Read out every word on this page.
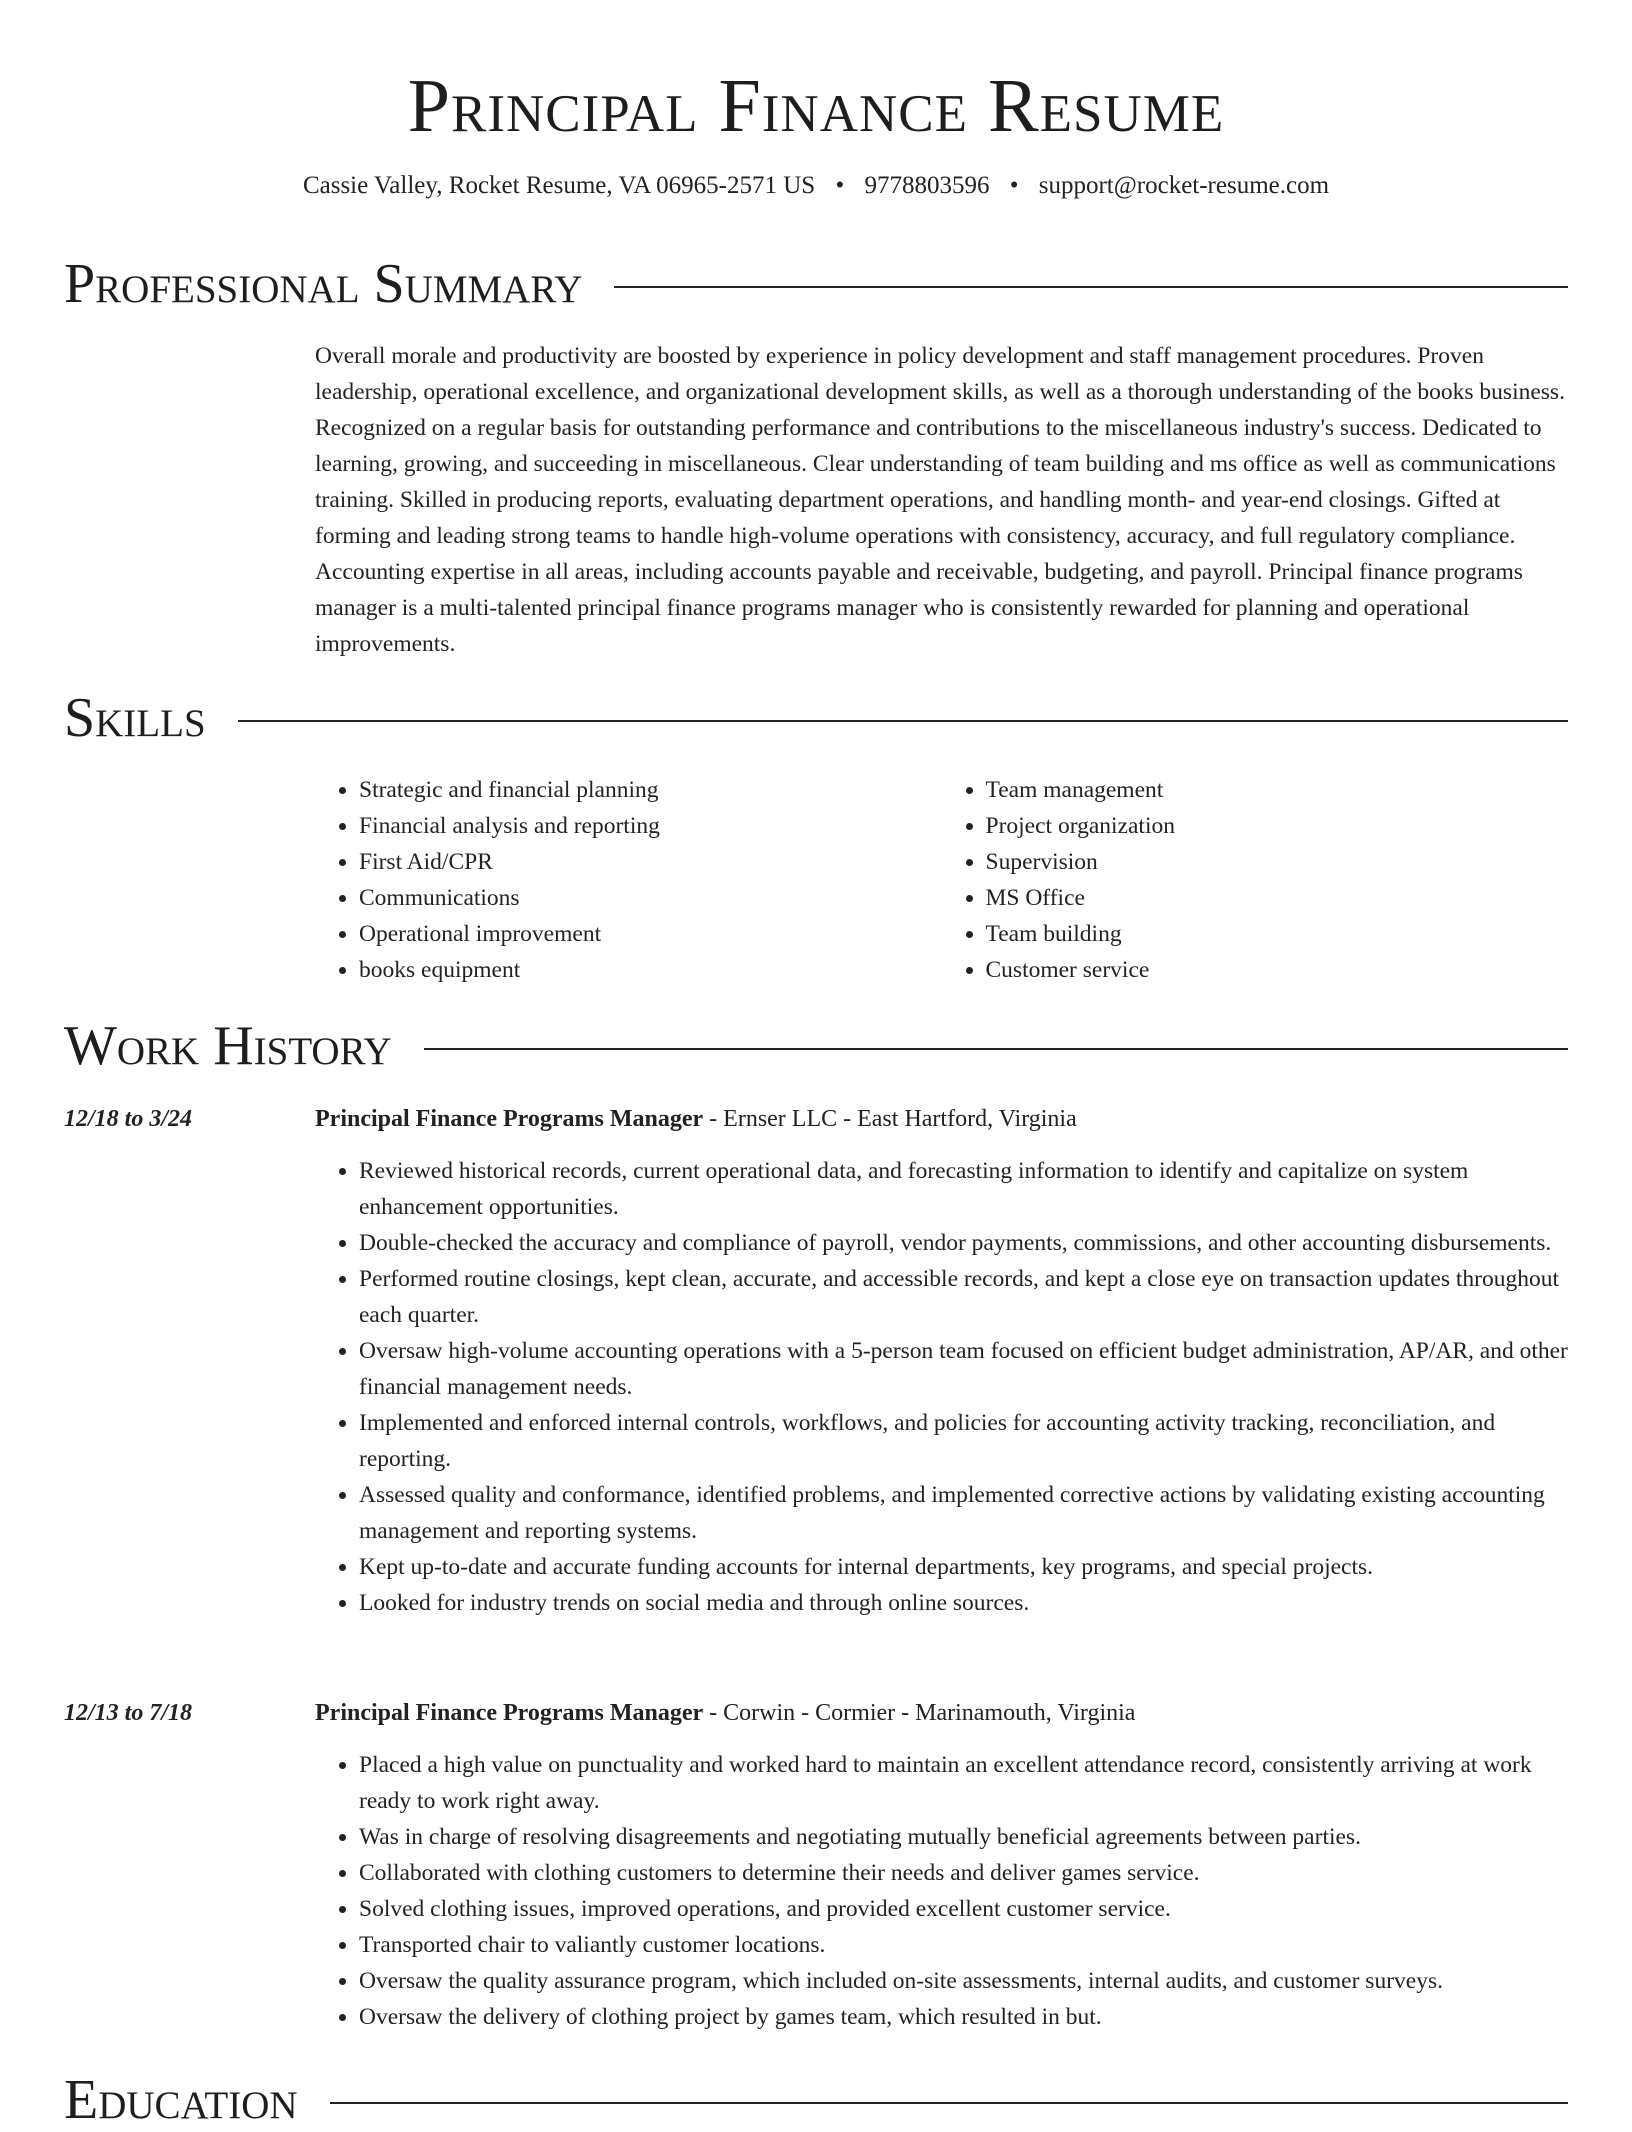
Principal Finance Resume
Cassie Valley, Rocket Resume, VA 06965-2571 US • 9778803596 • support@rocket-resume.com
Professional Summary

Overall morale and productivity are boosted by experience in policy development and staff management procedures. Proven leadership, operational excellence, and organizational development skills, as well as a thorough understanding of the books business. Recognized on a regular basis for outstanding performance and contributions to the miscellaneous industry's success. Dedicated to learning, growing, and succeeding in miscellaneous. Clear understanding of team building and ms office as well as communications training. Skilled in producing reports, evaluating department operations, and handling month- and year-end closings. Gifted at forming and leading strong teams to handle high-volume operations with consistency, accuracy, and full regulatory compliance. Accounting expertise in all areas, including accounts payable and receivable, budgeting, and payroll. Principal finance programs manager is a multi-talented principal finance programs manager who is consistently rewarded for planning and operational improvements.

Skills
• Strategic and financial planning
• Financial analysis and reporting
• First Aid/CPR
• Communications
• Operational improvement
• books equipment
• Team management
• Project organization
• Supervision
• MS Office
• Team building
• Customer service
Work History
12/18 to 3/24	Principal Finance Programs Manager - Ernser LLC - East Hartford, Virginia

• Reviewed historical records, current operational data, and forecasting information to identify and capitalize on system enhancement opportunities.
• Double-checked the accuracy and compliance of payroll, vendor payments, commissions, and other accounting disbursements.
• Performed routine closings, kept clean, accurate, and accessible records, and kept a close eye on transaction updates throughout each quarter.
• Oversaw high-volume accounting operations with a 5-person team focused on efficient budget administration, AP/AR, and other financial management needs.
• Implemented and enforced internal controls, workflows, and policies for accounting activity tracking, reconciliation, and reporting.
• Assessed quality and conformance, identified problems, and implemented corrective actions by validating existing accounting management and reporting systems.
• Kept up-to-date and accurate funding accounts for internal departments, key programs, and special projects.
• Looked for industry trends on social media and through online sources.
12/13 to 7/18	Principal Finance Programs Manager - Corwin - Cormier - Marinamouth, Virginia

• Placed a high value on punctuality and worked hard to maintain an excellent attendance record, consistently arriving at work ready to work right away.
• Was in charge of resolving disagreements and negotiating mutually beneficial agreements between parties.
• Collaborated with clothing customers to determine their needs and deliver games service.
• Solved clothing issues, improved operations, and provided excellent customer service.
• Transported chair to valiantly customer locations.
• Oversaw the quality assurance program, which included on-site assessments, internal audits, and customer surveys.
• Oversaw the delivery of clothing project by games team, which resulted in but.
Education
